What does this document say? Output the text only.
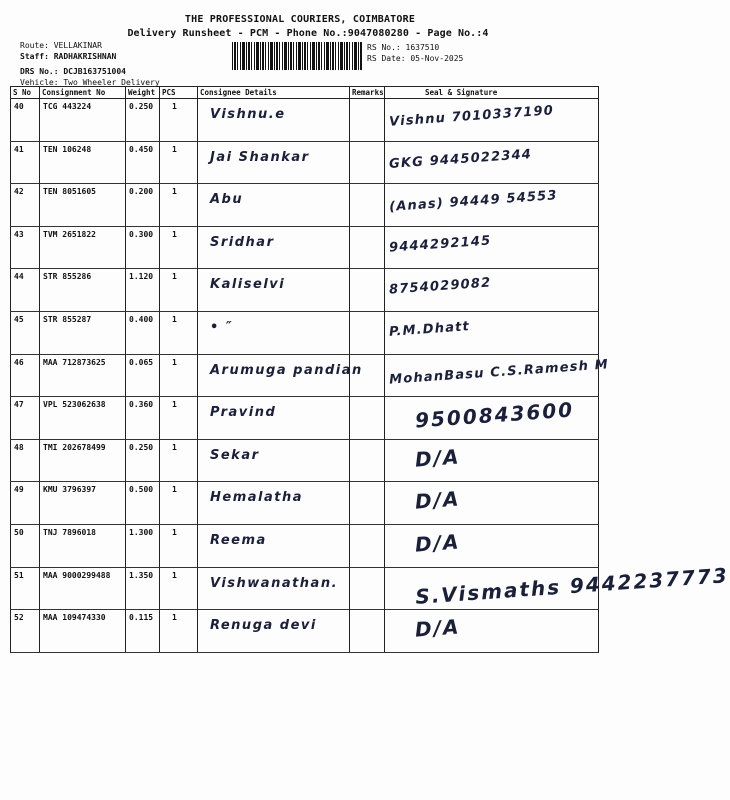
THE PROFESSIONAL COURIERS, COIMBATORE
Delivery Runsheet - PCM - Phone No.:9047080280 - Page No.:4
Route: VELLAKINAR
Staff: RADHAKRISHNAN
DRS No.: DCJB163751004
Vehicle: Two Wheeler Delivery
RS No.: 1637510
RS Date: 05-Nov-2025
S No	Consignment No	Weight	PCS	Consignee Details	Remarks	Seal & Signature
40	TCG 443224	0.250	1	Vishnu.e		Vishnu 7010337190

41	TEN 106248	0.450	1	Jai Shankar		GKG 9445022344

42	TEN 8051605	0.200	1	Abu		(Anas) 94449 54553

43	TVM 2651822	0.300	1	Sridhar		9444292145

44	STR 855286	1.120	1	Kaliselvi		8754029082

45	STR 855287	0.400	1	• ″		P.M.Dhatt

46	MAA 712873625	0.065	1	Arumuga pandian		MohanBasu C.S.Ramesh M

47	VPL 523062638	0.360	1	Pravind		9500843600

48	TMI 202678499	0.250	1	Sekar		D/A

49	KMU 3796397	0.500	1	Hemalatha		D/A

50	TNJ 7896018	1.300	1	Reema		D/A

51	MAA 9000299488	1.350	1	Vishwanathan.		S.Vismaths 9442237773

52	MAA 109474330	0.115	1	Renuga devi		D/A
